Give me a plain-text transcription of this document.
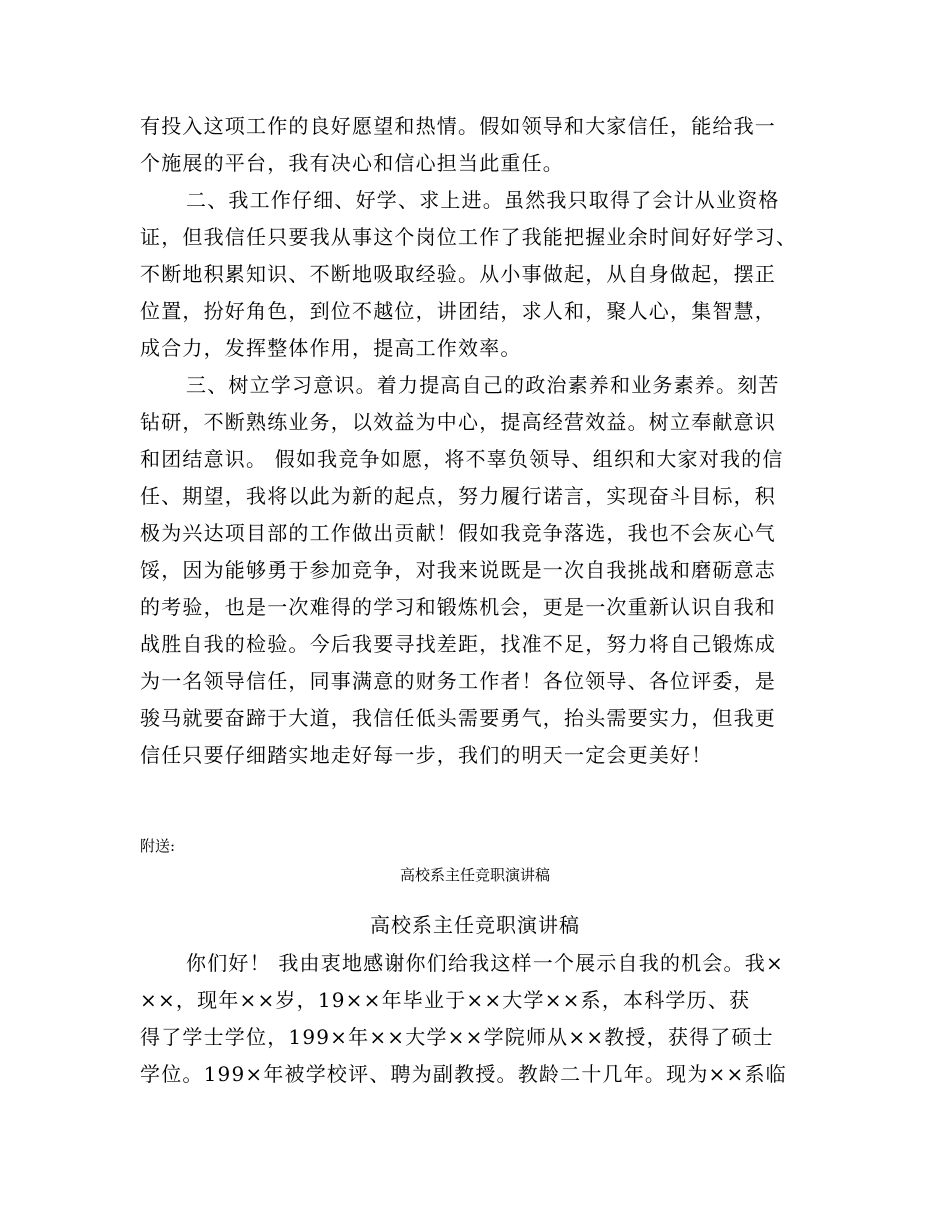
有投入这项工作的良好愿望和热情。假如领导和大家信任，能给我一
个施展的平台，我有决心和信心担当此重任。
二、我工作仔细、好学、求上进。虽然我只取得了会计从业资格
证，但我信任只要我从事这个岗位工作了我能把握业余时间好好学习、
不断地积累知识、不断地吸取经验。从小事做起，从自身做起，摆正
位置，扮好角色，到位不越位，讲团结，求人和，聚人心，集智慧，
成合力，发挥整体作用，提高工作效率。
三、树立学习意识。着力提高自己的政治素养和业务素养。刻苦
钻研，不断熟练业务，以效益为中心，提高经营效益。树立奉献意识
和团结意识。 假如我竞争如愿，将不辜负领导、组织和大家对我的信
任、期望，我将以此为新的起点，努力履行诺言，实现奋斗目标，积
极为兴达项目部的工作做出贡献！假如我竞争落选，我也不会灰心气
馁，因为能够勇于参加竞争，对我来说既是一次自我挑战和磨砺意志
的考验，也是一次难得的学习和锻炼机会，更是一次重新认识自我和
战胜自我的检验。今后我要寻找差距，找准不足，努力将自己锻炼成
为一名领导信任，同事满意的财务工作者！各位领导、各位评委，是
骏马就要奋蹄于大道，我信任低头需要勇气，抬头需要实力，但我更
信任只要仔细踏实地走好每一步，我们的明天一定会更美好！
附送:
高校系主任竞职演讲稿
高校系主任竞职演讲稿
你们好！ 我由衷地感谢你们给我这样一个展示自我的机会。我×
××，现年××岁，19××年毕业于××大学××系，本科学历、获
得了学士学位，199×年××大学××学院师从××教授，获得了硕士
学位。199×年被学校评、聘为副教授。教龄二十几年。现为××系临
